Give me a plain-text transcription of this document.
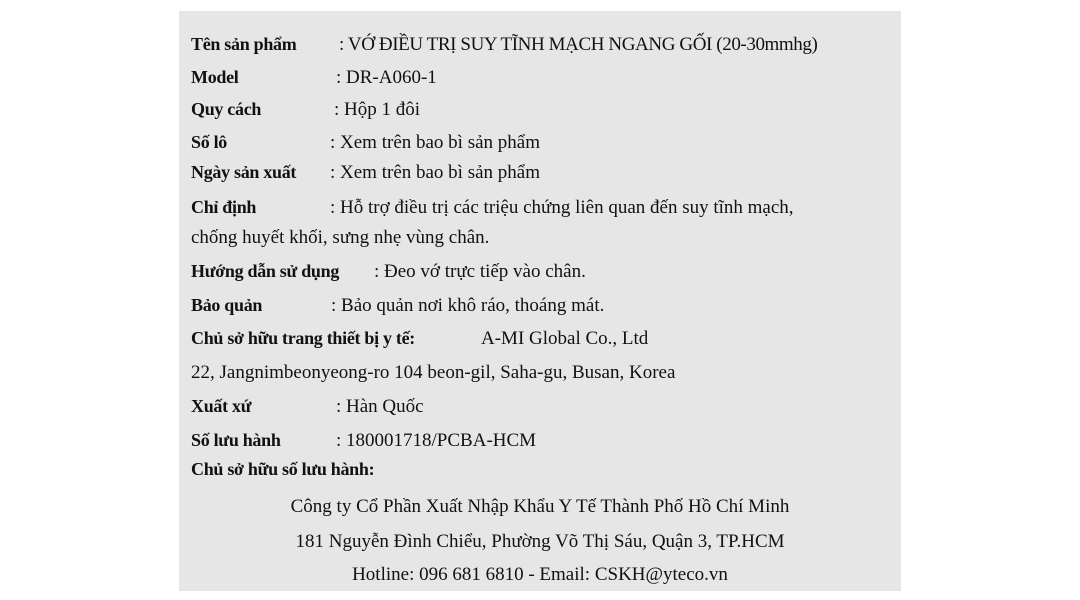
Tên sản phẩm : VỚ ĐIỀU TRỊ SUY TĨNH MẠCH NGANG GỐI (20-30mmhg)
Model	: DR-A060-1
Quy cách	: Hộp 1 đôi
Số lô	: Xem trên bao bì sản phẩm
Ngày sản xuất : Xem trên bao bì sản phẩm
Chỉ định	: Hỗ trợ điều trị các triệu chứng liên quan đến suy tĩnh mạch,
chống huyết khối, sưng nhẹ vùng chân.
Hướng dẫn sử dụng : Đeo vớ trực tiếp vào chân.
Bảo quản	: Bảo quản nơi khô ráo, thoáng mát.
Chủ sở hữu trang thiết bị y tế:	A-MI Global Co., Ltd
22, Jangnimbeonyeong-ro 104 beon-gil, Saha-gu, Busan, Korea
Xuất xứ	: Hàn Quốc
Số lưu hành	: 180001718/PCBA-HCM
Chủ sở hữu số lưu hành:
Công ty Cổ Phần Xuất Nhập Khẩu Y Tế Thành Phố Hồ Chí Minh
181 Nguyễn Đình Chiểu, Phường Võ Thị Sáu, Quận 3, TP.HCM
Hotline: 096 681 6810 - Email: CSKH@yteco.vn
